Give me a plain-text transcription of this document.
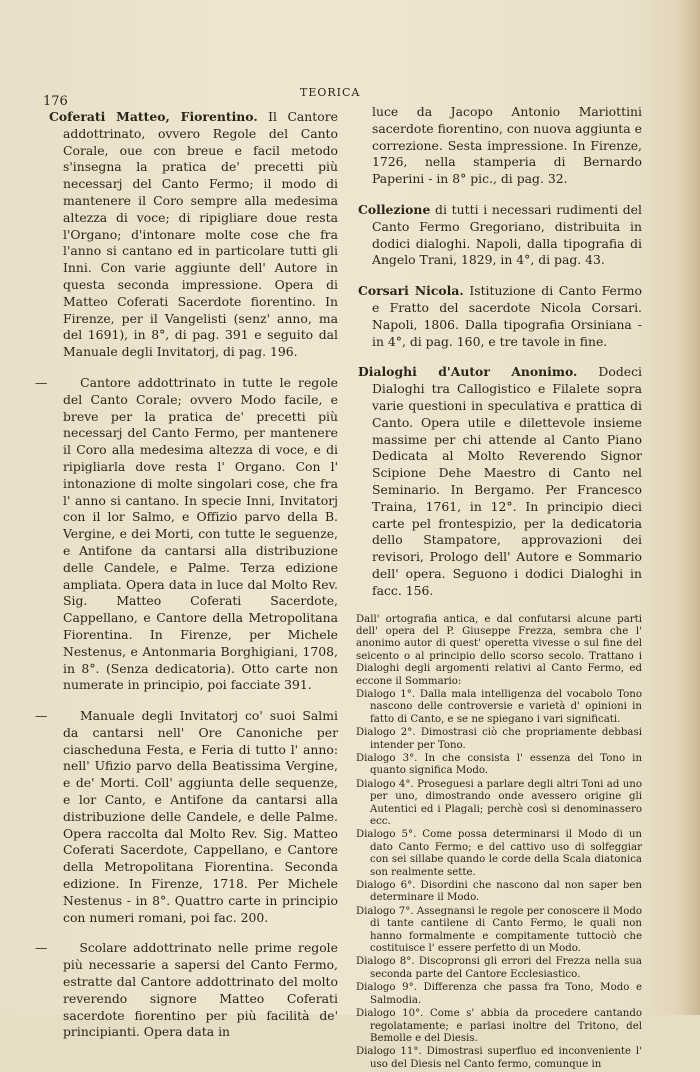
176
TEORICA

Coferati Matteo, Fiorentino. Il Cantore addottrinato, ovvero Regole del Canto Corale, oue con breue e facil metodo s'insegna la pratica de' precetti più necessarj del Canto Fermo; il modo di mantenere il Coro sempre alla medesima altezza di voce; di ripigliare doue resta l'Organo; d'intonare molte cose che fra l'anno si cantano ed in particolare tutti gli Inni. Con varie aggiunte dell' Autore in questa seconda impressione. Opera di Matteo Coferati Sacerdote fiorentino. In Firenze, per il Vangelisti (senz' anno, ma del 1691), in 8°, di pag. 391 e seguito dal Manuale degli Invitatorj, di pag. 196.

—	Cantore addottrinato in tutte le regole del Canto Corale; ovvero Modo facile, e breve per la pratica de' precetti più necessarj del Canto Fermo, per mantenere il Coro alla medesima altezza di voce, e di ripigliarla dove resta l' Organo. Con l' intonazione di molte singolari cose, che fra l' anno si cantano. In specie Inni, Invitatorj con il lor Salmo, e Offizio parvo della B. Vergine, e dei Morti, con tutte le seguenze, e Antifone da cantarsi alla distribuzione delle Candele, e Palme. Terza edizione ampliata. Opera data in luce dal Molto Rev. Sig. Matteo Coferati Sacerdote, Cappellano, e Cantore della Metropolitana Fiorentina. In Firenze, per Michele Nestenus, e Antonmaria Borghigiani, 1708, in 8°. (Senza dedicatoria). Otto carte non numerate in principio, poi facciate 391.

—	Manuale degli Invitatorj co' suoi Salmi da cantarsi nell' Ore Canoniche per ciascheduna Festa, e Feria di tutto l' anno: nell' Ufizio parvo della Beatissima Vergine, e de' Morti. Coll' aggiunta delle sequenze, e lor Canto, e Antifone da cantarsi alla distribuzione delle Candele, e delle Palme. Opera raccolta dal Molto Rev. Sig. Matteo Coferati Sacerdote, Cappellano, e Cantore della Metropolitana Fiorentina. Seconda edizione. In Firenze, 1718. Per Michele Nestenus - in 8°. Quattro carte in principio con numeri romani, poi fac. 200.

—	Scolare addottrinato nelle prime regole più necessarie a sapersi del Canto Fermo, estratte dal Cantore addottrinato del molto reverendo signore Matteo Coferati sacerdote fiorentino per più facilità de' principianti. Opera data in

luce da Jacopo Antonio Mariottini sacerdote fiorentino, con nuova aggiunta e correzione. Sesta impressione. In Firenze, 1726, nella stamperia di Bernardo Paperini - in 8° pic., di pag. 32.

Collezione di tutti i necessari rudimenti del Canto Fermo Gregoriano, distribuita in dodici dialoghi. Napoli, dalla tipografia di Angelo Trani, 1829, in 4°, di pag. 43.

Corsari Nicola. Istituzione di Canto Fermo e Fratto del sacerdote Nicola Corsari. Napoli, 1806. Dalla tipografia Orsiniana - in 4°, di pag. 160, e tre tavole in fine.

Dialoghi d'Autor Anonimo. Dodeci Dialoghi tra Callogistico e Filalete sopra varie questioni in speculativa e prattica di Canto. Opera utile e dilettevole insieme massime per chi attende al Canto Piano Dedicata al Molto Reverendo Signor Scipione Dehe Maestro di Canto nel Seminario. In Bergamo. Per Francesco Traina, 1761, in 12°. In principio dieci carte pel frontespizio, per la dedicatoria dello Stampatore, approvazioni dei revisori, Prologo dell' Autore e Sommario dell' opera. Seguono i dodici Dialoghi in facc. 156.

Dall' ortografia antica, e dal confutarsi alcune parti dell' opera del P. Giuseppe Frezza, sembra che l' anonimo autor di quest' operetta vivesse o sul fine del seicento o al principio dello scorso secolo. Trattano i Dialoghi degli argomenti relativi al Canto Fermo, ed eccone il Sommario:

Dialogo 1°. Dalla mala intelligenza del vocabolo Tono nascono delle controversie e varietà d' opinioni in fatto di Canto, e se ne spiegano i vari significati.

Dialogo 2°. Dimostrasi ciò che propriamente debbasi intender per Tono.

Dialogo 3°. In che consista l' essenza del Tono in quanto significa Modo.

Dialogo 4°. Proseguesi a parlare degli altri Toni ad uno per uno, dimostrando onde avessero origine gli Autentici ed i Plagali; perchè così si denominassero ecc.

Dialogo 5°. Come possa determinarsi il Modo di un dato Canto Fermo; e del cattivo uso di solfeggiar con sei sillabe quando le corde della Scala diatonica son realmente sette.

Dialogo 6°. Disordini che nascono dal non saper ben determinare il Modo.

Dialogo 7°. Assegnansi le regole per conoscere il Modo di tante cantilene di Canto Fermo, le quali non hanno formalmente e compitamente tuttociò che costituisce l' essere perfetto di un Modo.

Dialogo 8°. Discopronsi gli errori del Frezza nella sua seconda parte del Cantore Ecclesiastico.

Dialogo 9°. Differenza che passa fra Tono, Modo e Salmodia.

Dialogo 10°. Come s' abbia da procedere cantando regolatamente; e parlasi inoltre del Tritono, del Bemolle e del Diesis.

Dialogo 11°. Dimostrasi superfluo ed inconveniente l' uso del Diesis nel Canto fermo, comunque in
